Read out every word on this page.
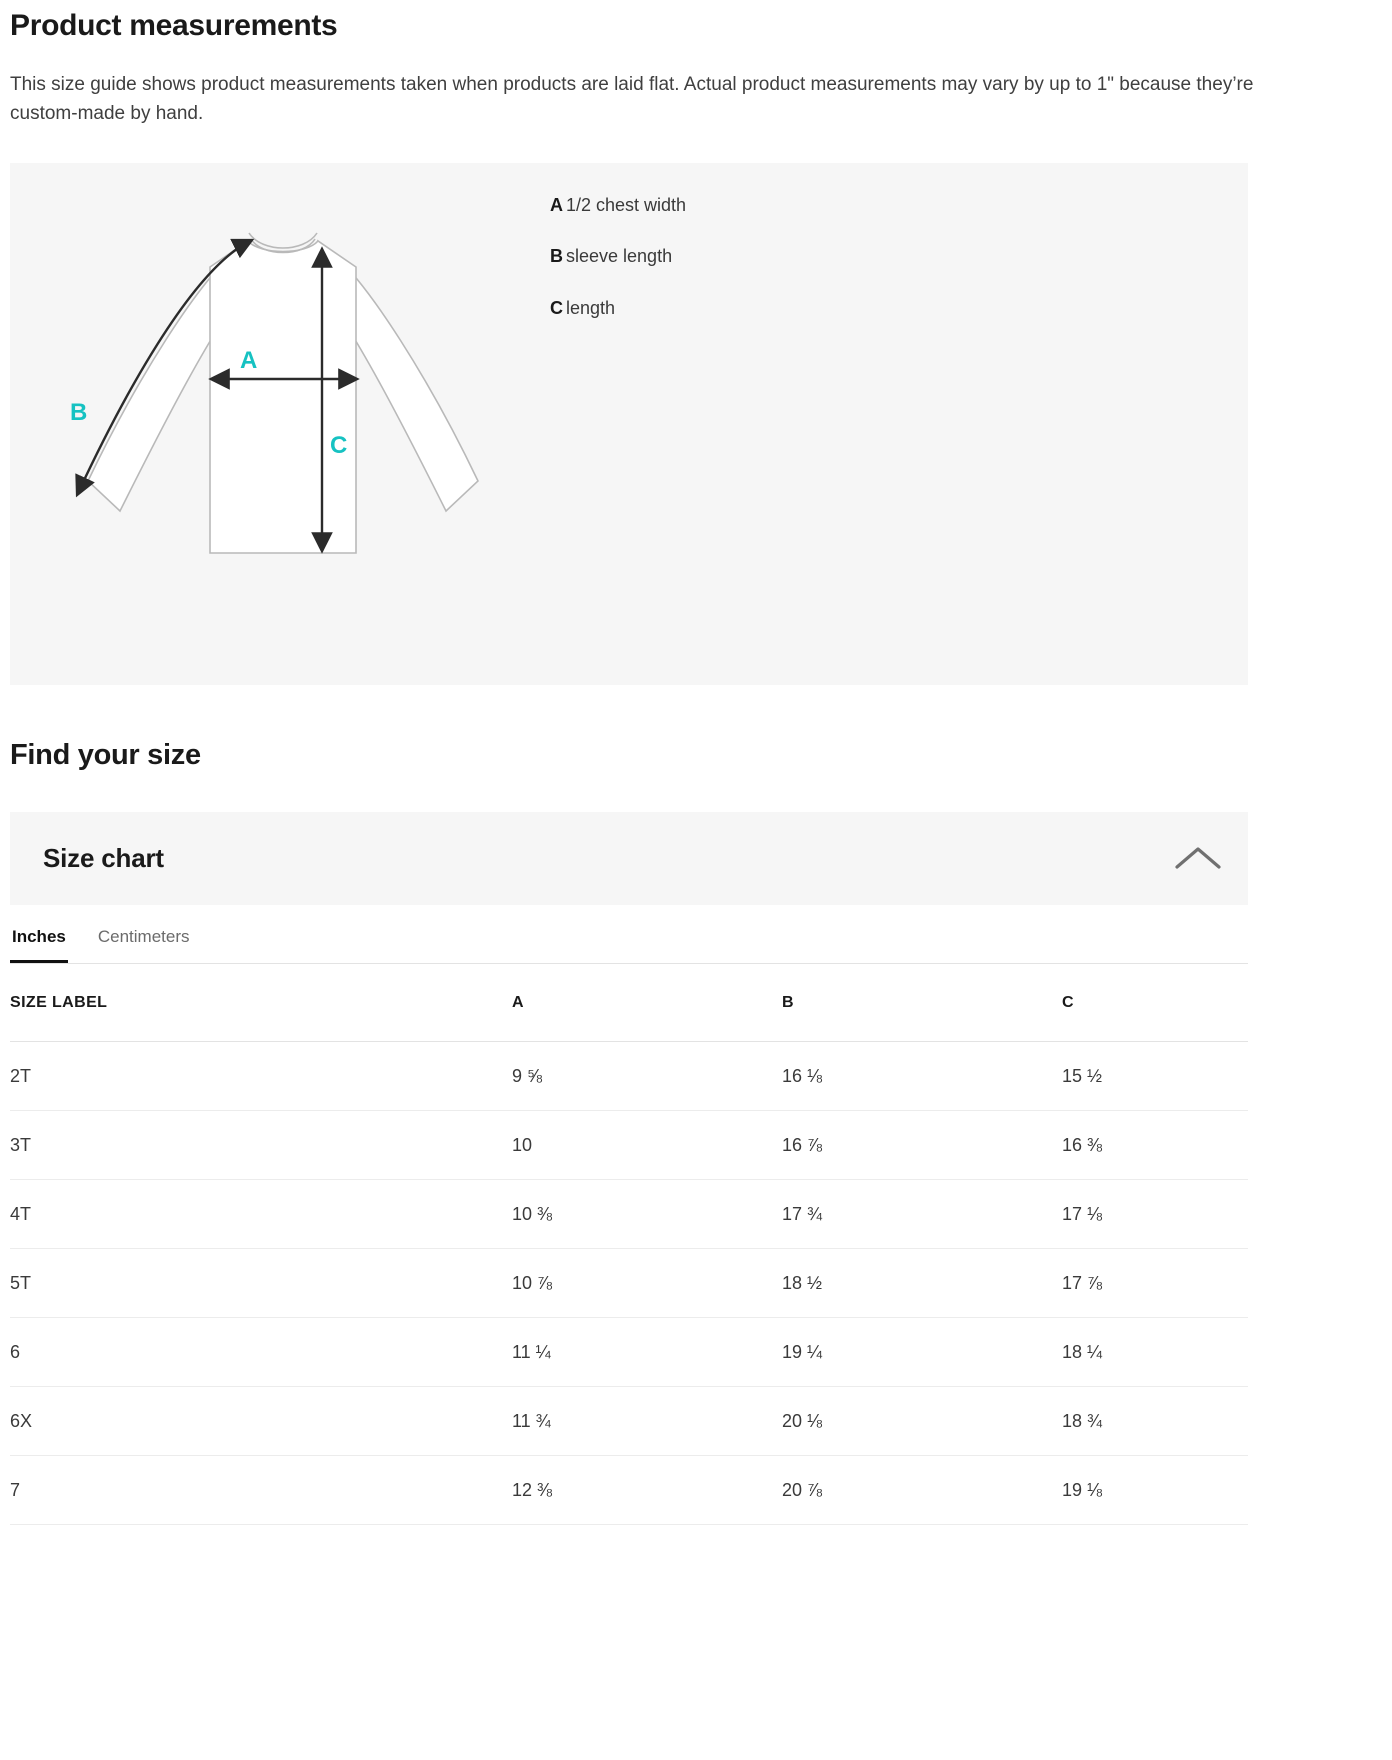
Product measurements

This size guide shows product measurements taken when products are laid flat. Actual product measurements may vary by up to 1" because they’re custom-made by hand.

A
B
C
A 1/2 chest width
B sleeve length
C length
Find your size
Size chart
Inches Centimeters
SIZE LABEL	A	B	C
2T	9 ⅝	16 ⅛	15 ½
3T	10	16 ⅞	16 ⅜
4T	10 ⅜	17 ¾	17 ⅛
5T	10 ⅞	18 ½	17 ⅞
6	11 ¼	19 ¼	18 ¼
6X	11 ¾	20 ⅛	18 ¾
7	12 ⅜	20 ⅞	19 ⅛
